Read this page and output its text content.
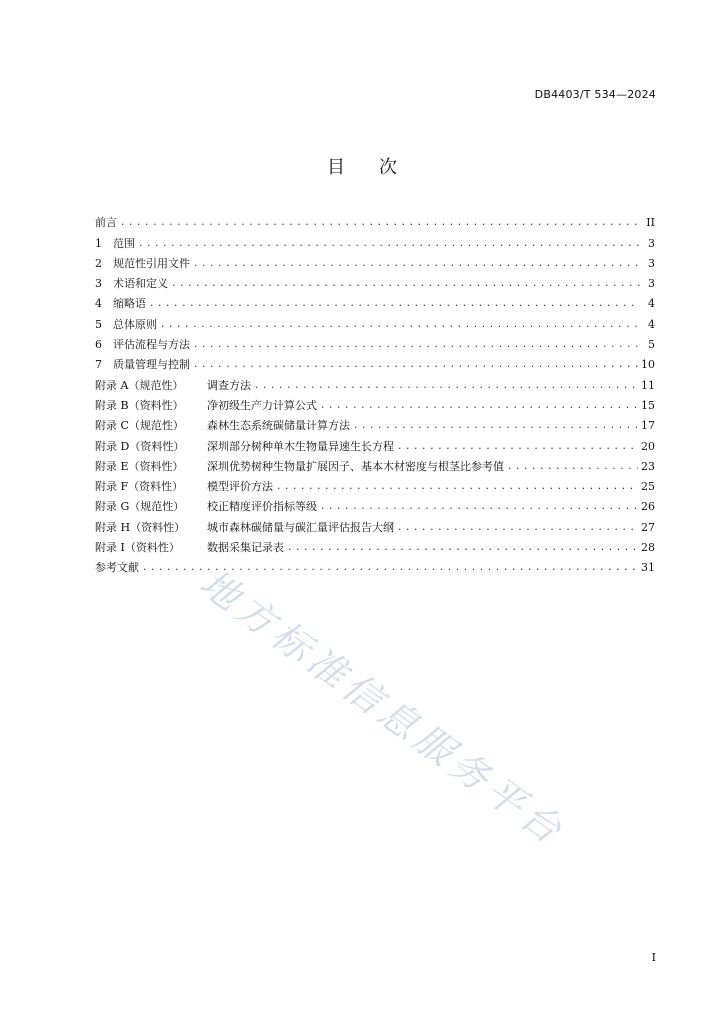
DB4403/T 534—2024
目次
前言 .....	II
1	范围 .....	3
2	规范性引用文件 .....	3
3	术语和定义 .....	3
4	缩略语 .....	4
5	总体原则 .....	4
6	评估流程与方法 .....	5
7	质量管理与控制 .....	10
附录 A（规范性）	调查方法 .....	11
附录 B（资料性）	净初级生产力计算公式 .....	15
附录 C（规范性）	森林生态系统碳储量计算方法 .....	17
附录 D（资料性）	深圳部分树种单木生物量异速生长方程 .....	20
附录 E（资料性）	深圳优势树种生物量扩展因子、基本木材密度与根茎比参考值 .....	23
附录 F（资料性）	模型评价方法 .....	25
附录 G（规范性）	校正精度评价指标等级 .....	26
附录 H（资料性）	城市森林碳储量与碳汇量评估报告大纲 .....	27
附录 I（资料性）	数据采集记录表 .....	28
参考文献 .....	31
地方标准信息服务平台
I
